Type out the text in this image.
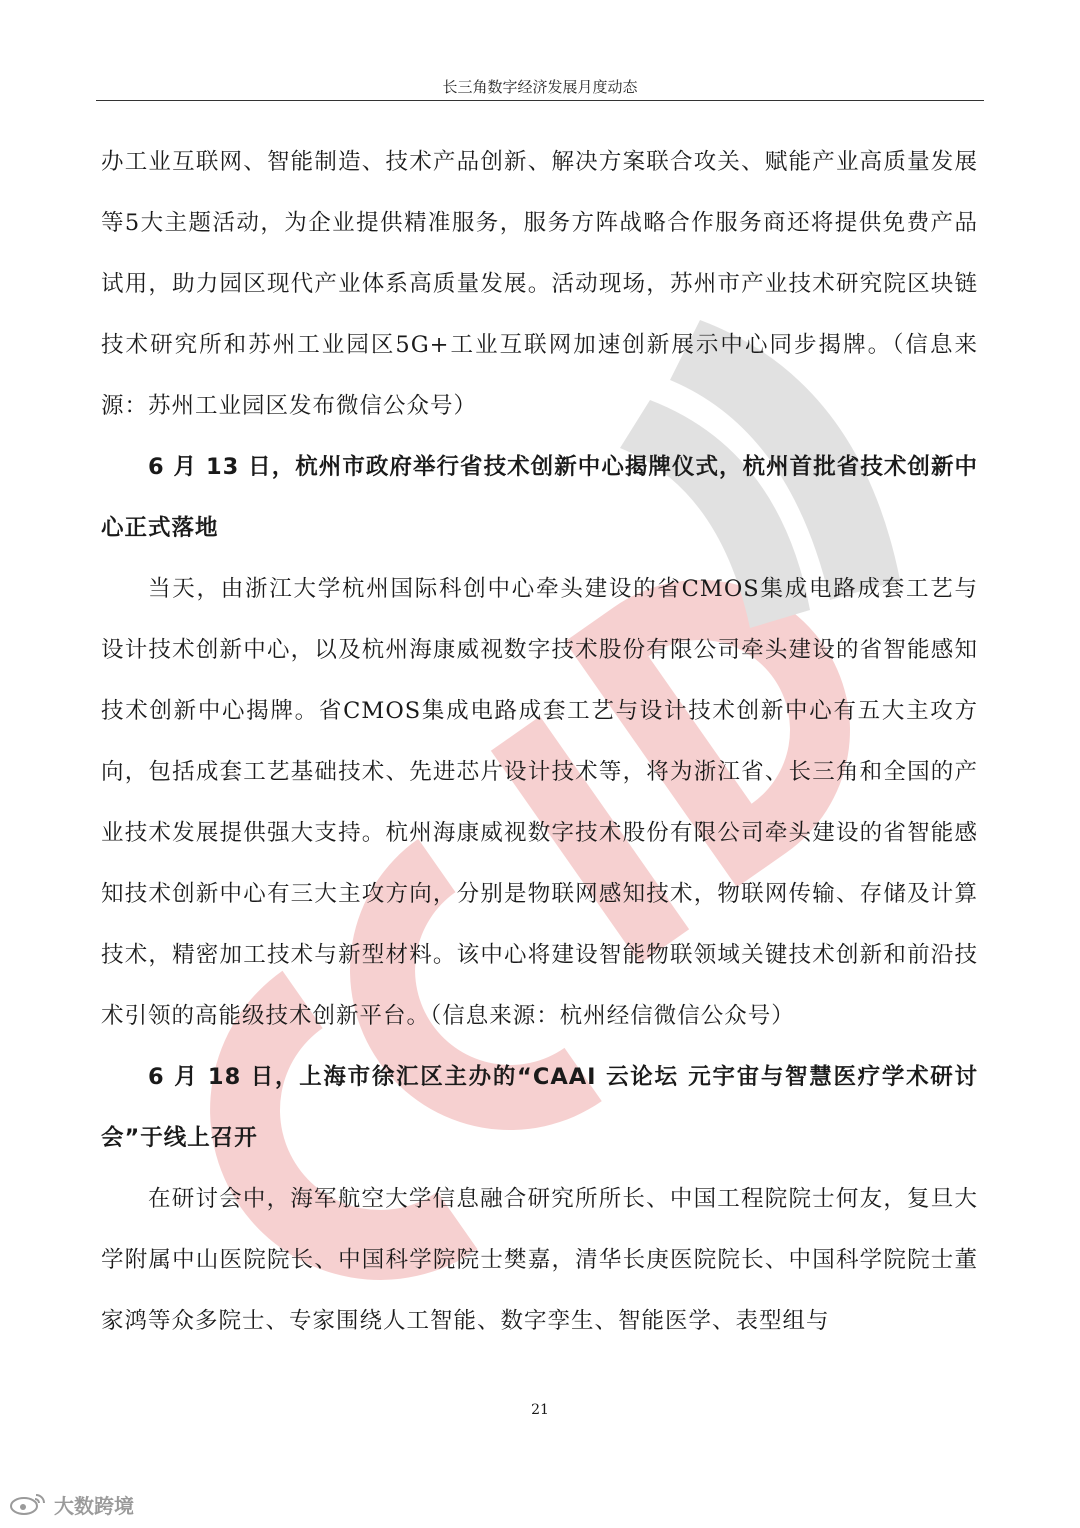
长三角数字经济发展月度动态

办工业互联网、智能制造、技术产品创新、解决方案联合攻关、赋能产业高质量发展等5大主题活动，为企业提供精准服务，服务方阵战略合作服务商还将提供免费产品试用，助力园区现代产业体系高质量发展。活动现场，苏州市产业技术研究院区块链技术研究所和苏州工业园区5G+工业互联网加速创新展示中心同步揭牌。（信息来源：苏州工业园区发布微信公众号）

6 月 13 日，杭州市政府举行省技术创新中心揭牌仪式，杭州首批省技术创新中心正式落地

当天，由浙江大学杭州国际科创中心牵头建设的省CMOS集成电路成套工艺与设计技术创新中心，以及杭州海康威视数字技术股份有限公司牵头建设的省智能感知技术创新中心揭牌。省CMOS集成电路成套工艺与设计技术创新中心有五大主攻方向，包括成套工艺基础技术、先进芯片设计技术等，将为浙江省、长三角和全国的产业技术发展提供强大支持。杭州海康威视数字技术股份有限公司牵头建设的省智能感知技术创新中心有三大主攻方向，分别是物联网感知技术，物联网传输、存储及计算技术，精密加工技术与新型材料。该中心将建设智能物联领域关键技术创新和前沿技术引领的高能级技术创新平台。（信息来源：杭州经信微信公众号）

6 月 18 日，上海市徐汇区主办的“CAAI 云论坛 元宇宙与智慧医疗学术研讨会”于线上召开

在研讨会中，海军航空大学信息融合研究所所长、中国工程院院士何友，复旦大学附属中山医院院长、中国科学院院士樊嘉，清华长庚医院院长、中国科学院院士董家鸿等众多院士、专家围绕人工智能、数字孪生、智能医学、表型组与

21
大数跨境
